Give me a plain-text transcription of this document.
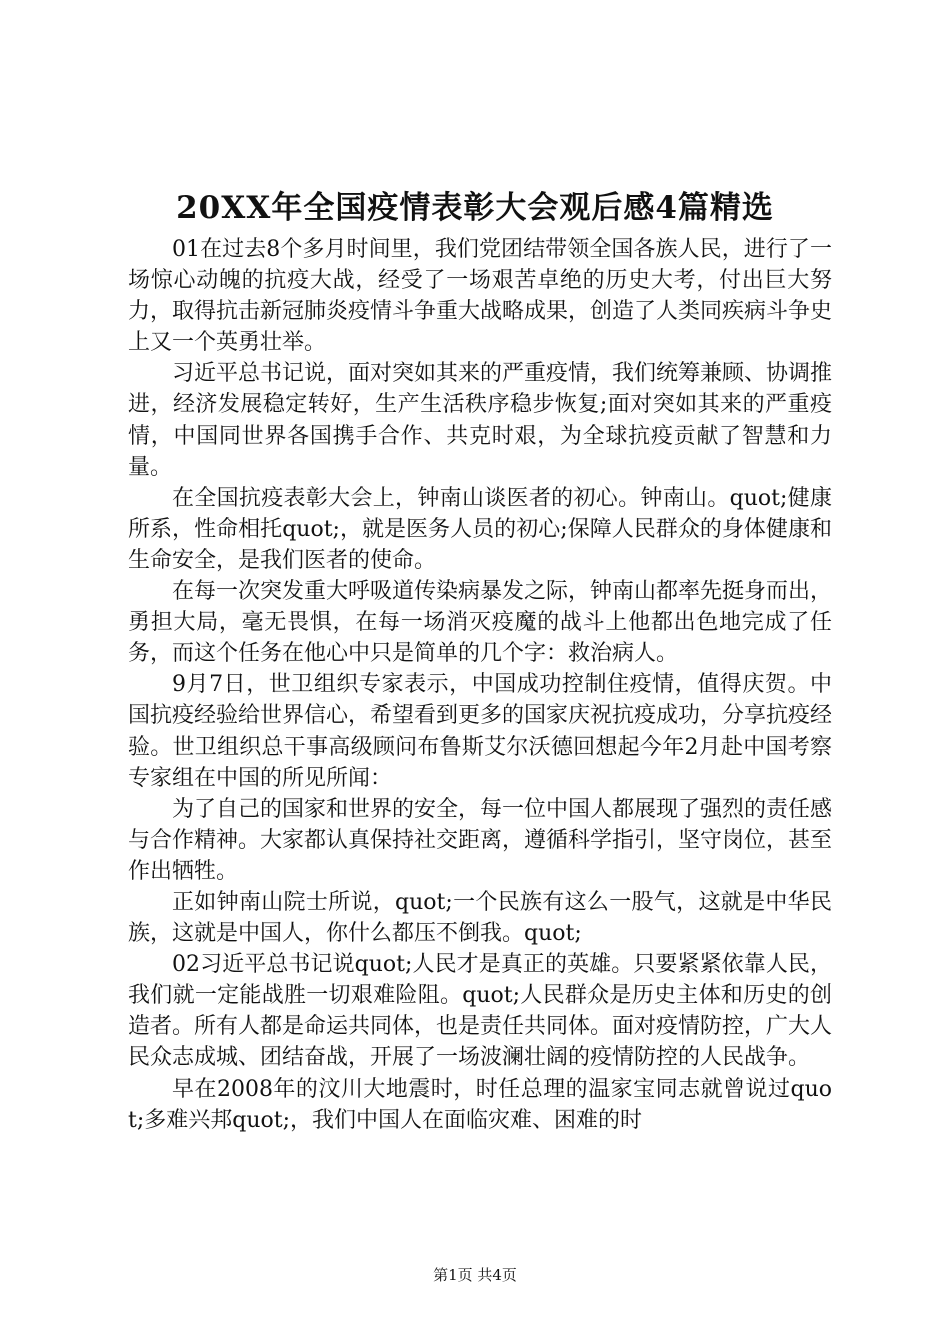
20XX年全国疫情表彰大会观后感4篇精选

01在过去8个多月时间里，我们党团结带领全国各族人民，进行了一场惊心动魄的抗疫大战，经受了一场艰苦卓绝的历史大考，付出巨大努力，取得抗击新冠肺炎疫情斗争重大战略成果，创造了人类同疾病斗争史上又一个英勇壮举。

习近平总书记说，面对突如其来的严重疫情，我们统筹兼顾、协调推进，经济发展稳定转好，生产生活秩序稳步恢复;面对突如其来的严重疫情，中国同世界各国携手合作、共克时艰，为全球抗疫贡献了智慧和力量。

在全国抗疫表彰大会上，钟南山谈医者的初心。钟南山。quot;健康所系，性命相托quot;，就是医务人员的初心;保障人民群众的身体健康和生命安全，是我们医者的使命。

在每一次突发重大呼吸道传染病暴发之际，钟南山都率先挺身而出，勇担大局，毫无畏惧，在每一场消灭疫魔的战斗上他都出色地完成了任务，而这个任务在他心中只是简单的几个字：救治病人。

9月7日，世卫组织专家表示，中国成功控制住疫情，值得庆贺。中国抗疫经验给世界信心，希望看到更多的国家庆祝抗疫成功，分享抗疫经验。世卫组织总干事高级顾问布鲁斯艾尔沃德回想起今年2月赴中国考察专家组在中国的所见所闻：

为了自己的国家和世界的安全，每一位中国人都展现了强烈的责任感与合作精神。大家都认真保持社交距离，遵循科学指引，坚守岗位，甚至作出牺牲。

正如钟南山院士所说，quot;一个民族有这么一股气，这就是中华民族，这就是中国人，你什么都压不倒我。quot;

02习近平总书记说quot;人民才是真正的英雄。只要紧紧依靠人民，我们就一定能战胜一切艰难险阻。quot;人民群众是历史主体和历史的创造者。所有人都是命运共同体，也是责任共同体。面对疫情防控，广大人民众志成城、团结奋战，开展了一场波澜壮阔的疫情防控的人民战争。

早在2008年的汶川大地震时，时任总理的温家宝同志就曾说过quot;多难兴邦quot;，我们中国人在面临灾难、困难的时

第1页 共4页
